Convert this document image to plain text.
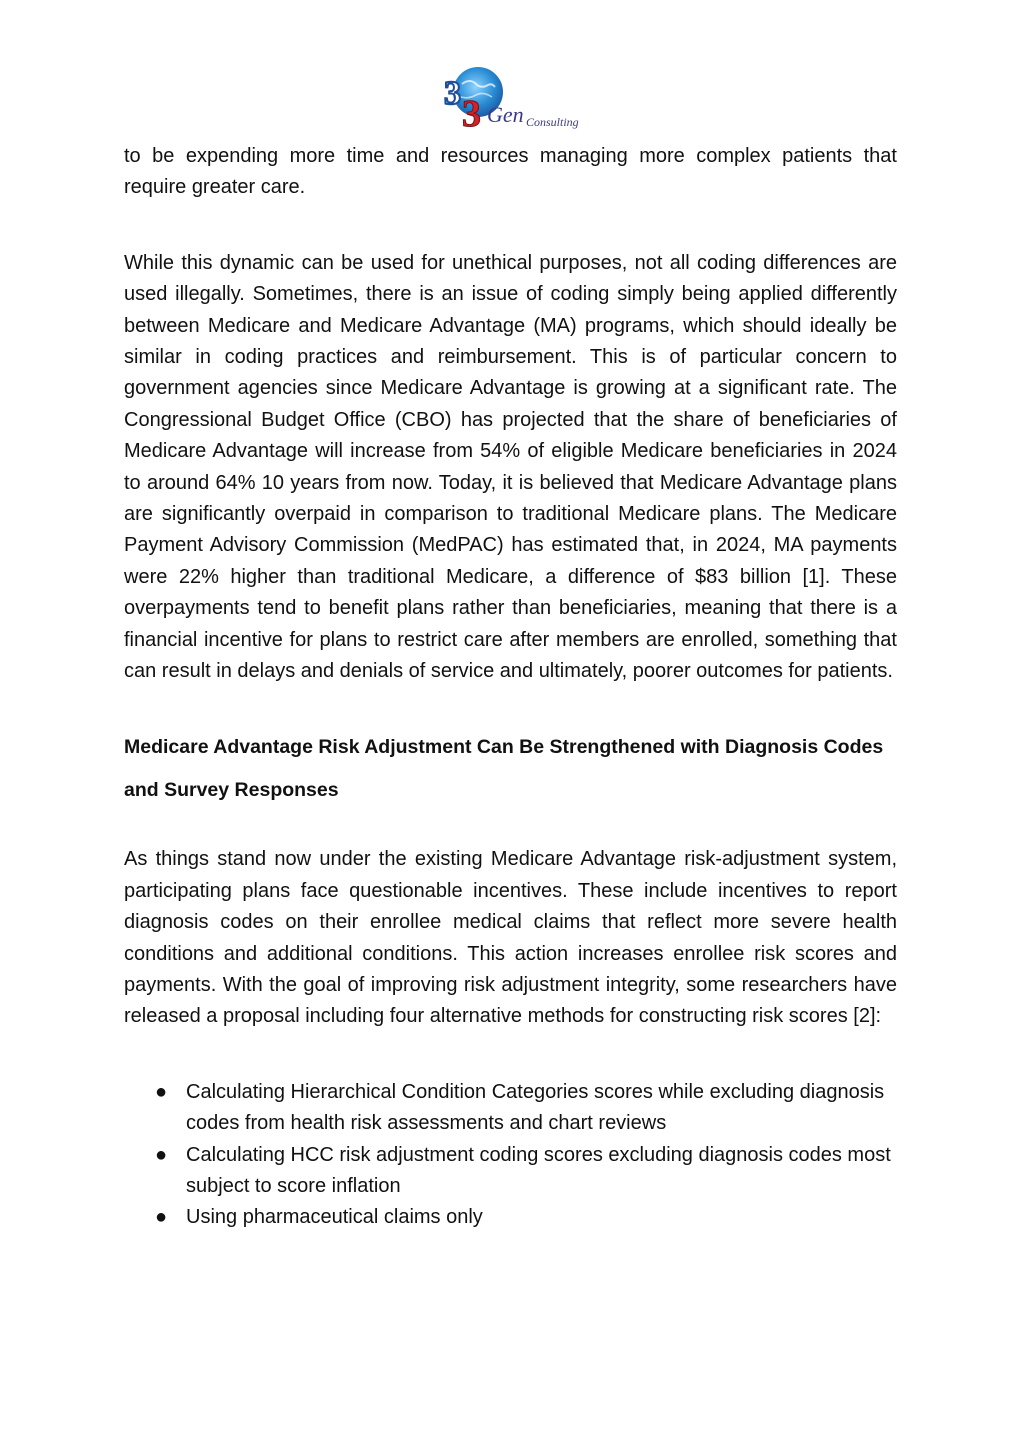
3 3 Gen Consulting

to be expending more time and resources managing more complex patients that require greater care.

While this dynamic can be used for unethical purposes, not all coding differences are used illegally. Sometimes, there is an issue of coding simply being applied differently between Medicare and Medicare Advantage (MA) programs, which should ideally be similar in coding practices and reimbursement. This is of particular concern to government agencies since Medicare Advantage is growing at a significant rate. The Congressional Budget Office (CBO) has projected that the share of beneficiaries of Medicare Advantage will increase from 54% of eligible Medicare beneficiaries in 2024 to around 64% 10 years from now. Today, it is believed that Medicare Advantage plans are significantly overpaid in comparison to traditional Medicare plans. The Medicare Payment Advisory Commission (MedPAC) has estimated that, in 2024, MA payments were 22% higher than traditional Medicare, a difference of $83 billion [1]. These overpayments tend to benefit plans rather than beneficiaries, meaning that there is a financial incentive for plans to restrict care after members are enrolled, something that can result in delays and denials of service and ultimately, poorer outcomes for patients.

Medicare Advantage Risk Adjustment Can Be Strengthened with Diagnosis Codes

and Survey Responses

As things stand now under the existing Medicare Advantage risk-adjustment system, participating plans face questionable incentives. These include incentives to report diagnosis codes on their enrollee medical claims that reflect more severe health conditions and additional conditions. This action increases enrollee risk scores and payments. With the goal of improving risk adjustment integrity, some researchers have released a proposal including four alternative methods for constructing risk scores [2]:

● Calculating Hierarchical Condition Categories scores while excluding diagnosis codes from health risk assessments and chart reviews
● Calculating HCC risk adjustment coding scores excluding diagnosis codes most subject to score inflation
● Using pharmaceutical claims only
